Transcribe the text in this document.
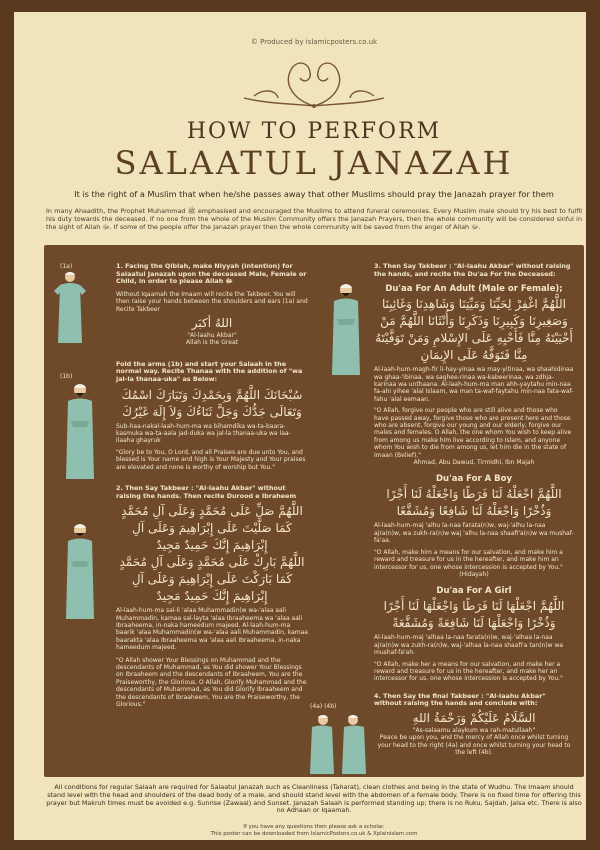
© Produced by islamicposters.co.uk
HOW TO PERFORM
SALAATUL JANAZAH
It is the right of a Muslim that when he/she passes away that other Muslims should pray the Janazah prayer for them
In many Ahaadith, the Prophet Muhammad ﷺ emphasised and encouraged the Muslims to attend funeral ceremonies. Every Muslim male should try his best to fulfil his duty towards the deceased. If no one from the whole of the Muslim Community offers the Janazah Prayers, then the whole community will be considered sinful in the sight of Allah ﷻ. If some of the people offer the Janazah prayer then the whole community will be saved from the anger of Allah ﷻ.
(1a)
(1b)
(4a) (4b)
1. Facing the Qiblah, make Niyyah (intention) for Salaatul Janazah upon the deceased Male, Female or Child, in order to please Allah ﷻ
Without Iqaamah the Imaam will recite the Takbeer. You will then raise your hands between the shoulders and ears (1a) and Recite Takbeer
اللهُ أكبَر
"Al-laahu Akbar"
Allah is the Great
Fold the arms (1b) and start your Salaah in the normal way. Recite Thanaa with the addition of "wa jal-la thanaa-uka" as Below:
سُبْحَانَكَ اللَّهُمَّ وَبِحَمْدِكَ وَتَبَارَكَ اسْمُكَ وَتَعَالَى جَدُّكَ وَجَلَّ ثَنَاءُكَ وَلاَ إِلَهَ غَيْرُكَ
Sub-haa-nakal-laah-hum-ma wa bihamdika wa-ta-baara-kasmuka wa-ta-aala jad-duka wa jal-la thanaa-uka wa laa-ilaaha ghayruk
"Glory be to You, O Lord, and all Praises are due unto You, and blessed is Your name and high is Your Majesty and Your praises are elevated and none is worthy of worship but You."
2. Then Say Takbeer : "Al-laahu Akbar" without raising the hands. Then recite Durood e Ibraheem
اللَّهُمَّ صَلِّ عَلَى مُحَمَّدٍ وَعَلَى آلِ مُحَمَّدٍ كَمَا صَلَّيْتَ عَلَى إِبْرَاهِيمَ وَعَلَى آلِ إِبْرَاهِيمَ إِنَّكَ حَمِيدٌ مَجِيدٌ
اللَّهُمَّ بَارِكْ عَلَى مُحَمَّدٍ وَعَلَى آلِ مُحَمَّدٍ كَمَا بَارَكْتَ عَلَى إِبْرَاهِيمَ وَعَلَى آلِ إِبْرَاهِيمَ إِنَّكَ حَمِيدٌ مَجِيدٌ
Al-laah-hum-ma sal-li 'alaa Muhammadin(w wa-'alaa aali Muhammadin, kamaa sal-layta 'alaa Ibraaheema wa 'alaa aali Ibraaheema, in-naka hameedum majeed. Al-laah-hum-ma baarik 'alaa Muhammadin(w wa-'alaa aali Muhammadin, kamaa baarakta 'alaa Ibraaheema wa 'alaa aali Ibraaheema, in-naka hameedum majeed.
"O Allah shower Your Blessings on Muhammad and the descendants of Muhammad, as You did shower Your Blessings on Ibraaheem and the descendants of Ibraaheem, You are the Praiseworthy, the Glorious. O Allah, Glorify Muhammad and the descendants of Muhammad, as You did Glorify Ibraaheem and the descendants of Ibraaheem, You are the Praiseworthy, the Glorious."
3. Then Say Takbeer : "Al-laahu Akbar" without raising the hands, and recite the Du'aa For the Deceased:
Du'aa For An Adult (Male or Female);
اللَّهُمَّ اغْفِرْ لِحَيِّنَا وَمَيِّتِنَا وَشَاهِدِنَا وَغَائِبِنَا وَصَغِيرِنَا وَكَبِيرِنَا وَذَكَرِنَا وَأُنْثَانَا اللَّهُمَّ مَنْ أَحْيَيْتَهُ مِنَّا فَأَحْيِهِ عَلَى الإِسْلامِ وَمَنْ تَوَفَّيْتَهُ مِنَّا فَتَوَفَّهُ عَلَى الإِيمَانِ
Al-laah-hum-magh-fir li-hay-yinaa wa may-yitinaa, wa shaahidinaa wa ghaa-'ibinaa, wa saghee-rinaa wa-kabeerinaa, wa zdhja-karinaa wa unthaana. Al-laah-hum-ma man ahh-yaytahu min-naa fa-ahi yihee 'alal Islaam, wa man ta-waf-faytahu min-naa fata-waf-fahu 'alal eemaan.
"O Allah, forgive our people who are still alive and those who have passed away, forgive those who are present here and those who are absent, forgive our young and our elderly, forgive our males and females. O Allah, the one whom You wish to keep alive from among us make him live according to Islam, and anyone whom You wish to die from among us, let him die in the state of Imaan (Belief)."
Ahmad, Abu Dawud, Tirmidhi, Ibn Majah
Du'aa For A Boy
اللَّهُمَّ اجْعَلْهُ لَنَا فَرَطًا وَاجْعَلْهُ لَنَا أَجْرًا وَذُخْرًا وَاجْعَلْهُ لَنَا شَافِعًا وَمُشَفَّعًا
Al-laah-hum-maj 'alhu la-naa farata(n)w, waj-'alhu la-naa ajra(n)w, wa zukh-ra(n)w waj 'alhu la-naa shaafi'a(n)w wa mushaf-fa'aa.
"O Allah, make him a means for our salvation, and make him a reward and treasure for us in the hereafter, and make him an intercessor for us, one whose intercession is accepted by You."
(Hidayah)
Du'aa For A Girl
اللَّهُمَّ اجْعَلْهَا لَنَا فَرَطًا وَاجْعَلْهَا لَنَا أَجْرًا وَذُخْرًا وَاجْعَلْهَا لَنَا شَافِعَةً وَمُشَفَّعَةً
Al-laah-hum-maj 'alhaa la-naa farata(n)w, waj-'alhaa la-naa ajra(n)w wa zukh-ra(n)w, waj-'alhaa la-naa shaafi'a tan(n)w wa mushaf-fa'ah.
"O Allah, make her a means for our salvation, and make her a reward and treasure for us in the hereafter, and make her an intercessor for us, one whose intercession is accepted by You."
4. Then Say the final Takbeer : "Al-laahu Akbar" without raising the hands and conclude with:
السَّلَامُ عَلَيْكُمْ وَرَحْمَةُ اللهِ
"As-salaamu alaykum wa rah-matullaah"
Peace be upon you, and the mercy of Allah once whilst turning your head to the right (4a) and once whilst turning your head to the left (4b).
All conditions for regular Salaah are required for Salaatul Janazah such as Cleanliness (Taharat), clean clothes and being in the state of Wudhu. The Imaam should stand level with the head and shoulders of the dead body of a male, and should stand level with the abdomen of a female body. There is no fixed time for offering this prayer but Makruh times must be avoided e.g. Sunrise (Zawaal) and Sunset. Janazah Salaah is performed standing up; there is no Ruku, Sajdah, Jalsa etc. There is also no Adhaan or Iqaamah.
If you have any questions then please ask a scholar.
This poster can be downloaded from IslamicPosters.co.uk & Xplainislam.com
